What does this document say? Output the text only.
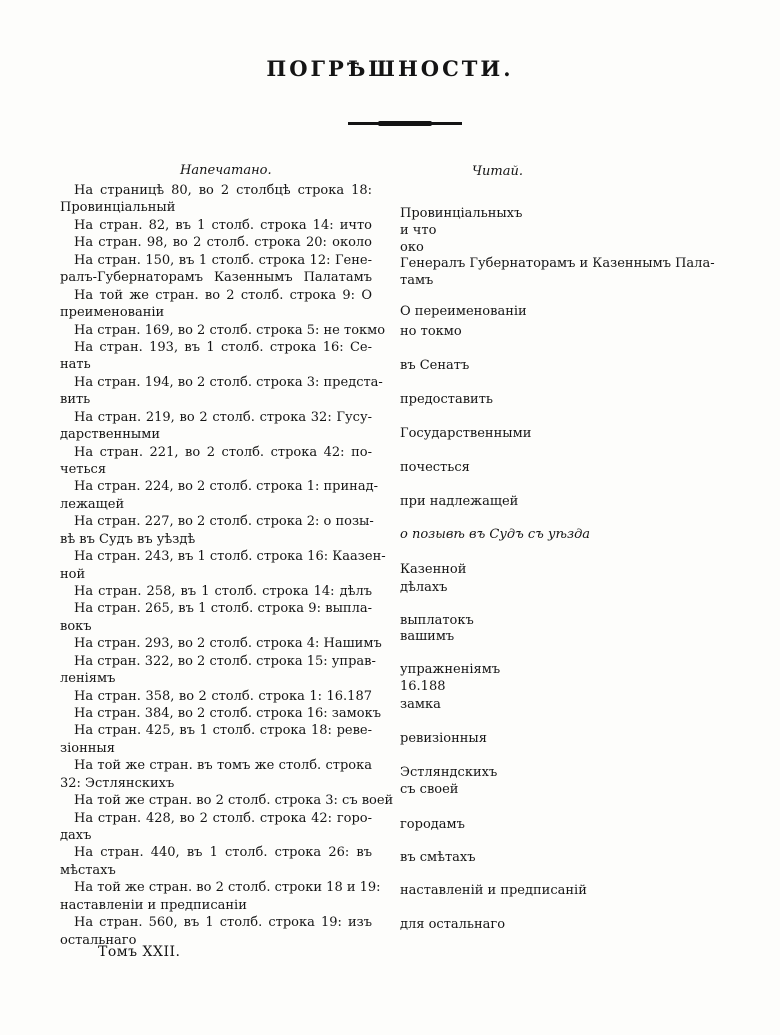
ПОГРѢШНОСТИ.
Напечатано.	Читай.
На страницѣ 80, во 2 столбцѣ строка 18:
Провинціальный
На стран. 82, въ 1 столб. строка 14: ичто
На стран. 98, во 2 столб. строка 20: около
На стран. 150, въ 1 столб. строка 12: Гене-
ралъ-Губернаторамъ Казеннымъ Палатамъ
На той же стран. во 2 столб. строка 9: О
преименованіи
На стран. 169, во 2 столб. строка 5: не токмо
На стран. 193, въ 1 столб. строка 16: Се-
нать
На стран. 194, во 2 столб. строка 3: предста-
вить
На стран. 219, во 2 столб. строка 32: Гусу-
дарственными
На стран. 221, во 2 столб. строка 42: по-
четься
На стран. 224, во 2 столб. строка 1: принад-
лежащей
На стран. 227, во 2 столб. строка 2: о позы-
вѣ въ Судъ въ уѣздѣ
На стран. 243, въ 1 столб. строка 16: Каазен-
ной
На стран. 258, въ 1 столб. строка 14: дѣлъ
На стран. 265, въ 1 столб. строка 9: выпла-
вокъ
На стран. 293, во 2 столб. строка 4: Нашимъ
На стран. 322, во 2 столб. строка 15: управ-
леніямъ
На стран. 358, во 2 столб. строка 1: 16.187
На стран. 384, во 2 столб. строка 16: замокъ
На стран. 425, въ 1 столб. строка 18: реве-
зіонныя
На той же стран. въ томъ же столб. строка
32: Эстлянскихъ
На той же стран. во 2 столб. строка 3: съ воей
На стран. 428, во 2 столб. строка 42: горо-
дахъ
На стран. 440, въ 1 столб. строка 26: въ
мѣстахъ
На той же стран. во 2 столб. строки 18 и 19:
наставленіи и предписаніи
На стран. 560, въ 1 столб. строка 19: изъ
остальнаго
Томъ XXII.
Провинціальныхъ
и что
око
Генералъ Губернаторамъ и Казеннымъ Пала-
тамъ
О переименованіи
но токмо
въ Сенатъ
предоставить
Государственными
почесться
при надлежащей
о позывѣ въ Судъ съ уѣзда
Казенной
дѣлахъ
выплатокъ
вашимъ
упражненіямъ
16.188
замка
ревизіонныя
Эстляндскихъ
съ своей
городамъ
въ смѣтахъ
наставленій и предписаній
для остальнаго
